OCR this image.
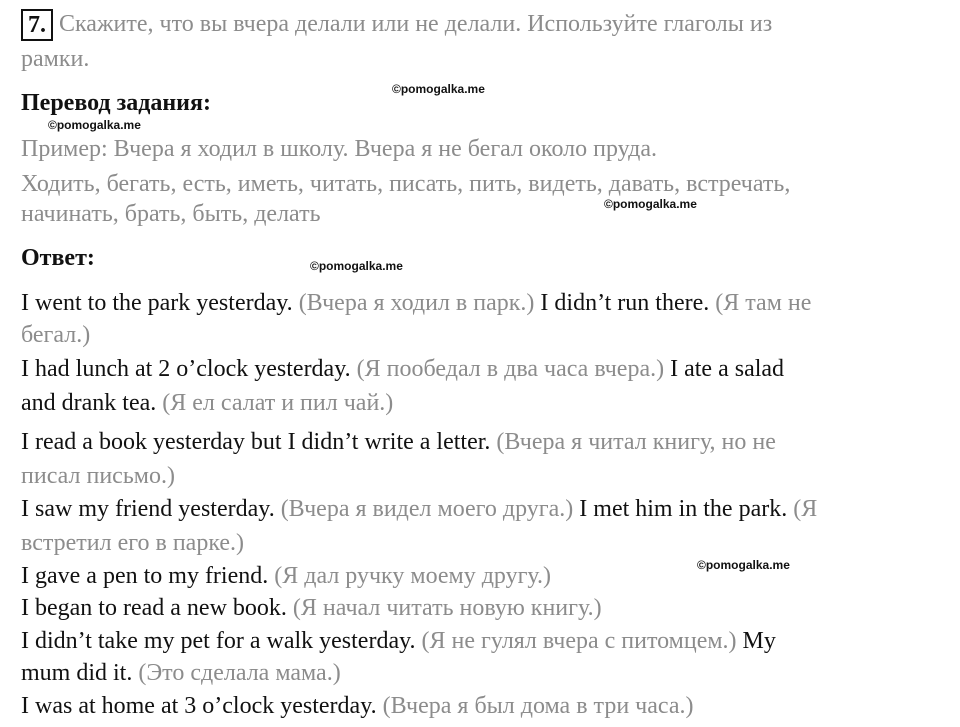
7. Скажите, что вы вчера делали или не делали. Используйте глаголы из
рамки.
Перевод задания:
Пример: Вчера я ходил в школу. Вчера я не бегал около пруда.
Ходить, бегать, есть, иметь, читать, писать, пить, видеть, давать, встречать,
начинать, брать, быть, делать
Ответ:
I went to the park yesterday. (Вчера я ходил в парк.) I didn’t run there. (Я там не
бегал.)
I had lunch at 2 o’clock yesterday. (Я пообедал в два часа вчера.) I ate a salad
and drank tea. (Я ел салат и пил чай.)
I read a book yesterday but I didn’t write a letter. (Вчера я читал книгу, но не
писал письмо.)
I saw my friend yesterday. (Вчера я видел моего друга.) I met him in the park. (Я
встретил его в парке.)
I gave a pen to my friend. (Я дал ручку моему другу.)
I began to read a new book. (Я начал читать новую книгу.)
I didn’t take my pet for a walk yesterday. (Я не гулял вчера с питомцем.) My
mum did it. (Это сделала мама.)
I was at home at 3 o’clock yesterday. (Вчера я был дома в три часа.)
©pomogalka.me
©pomogalka.me
©pomogalka.me
©pomogalka.me
©pomogalka.me
